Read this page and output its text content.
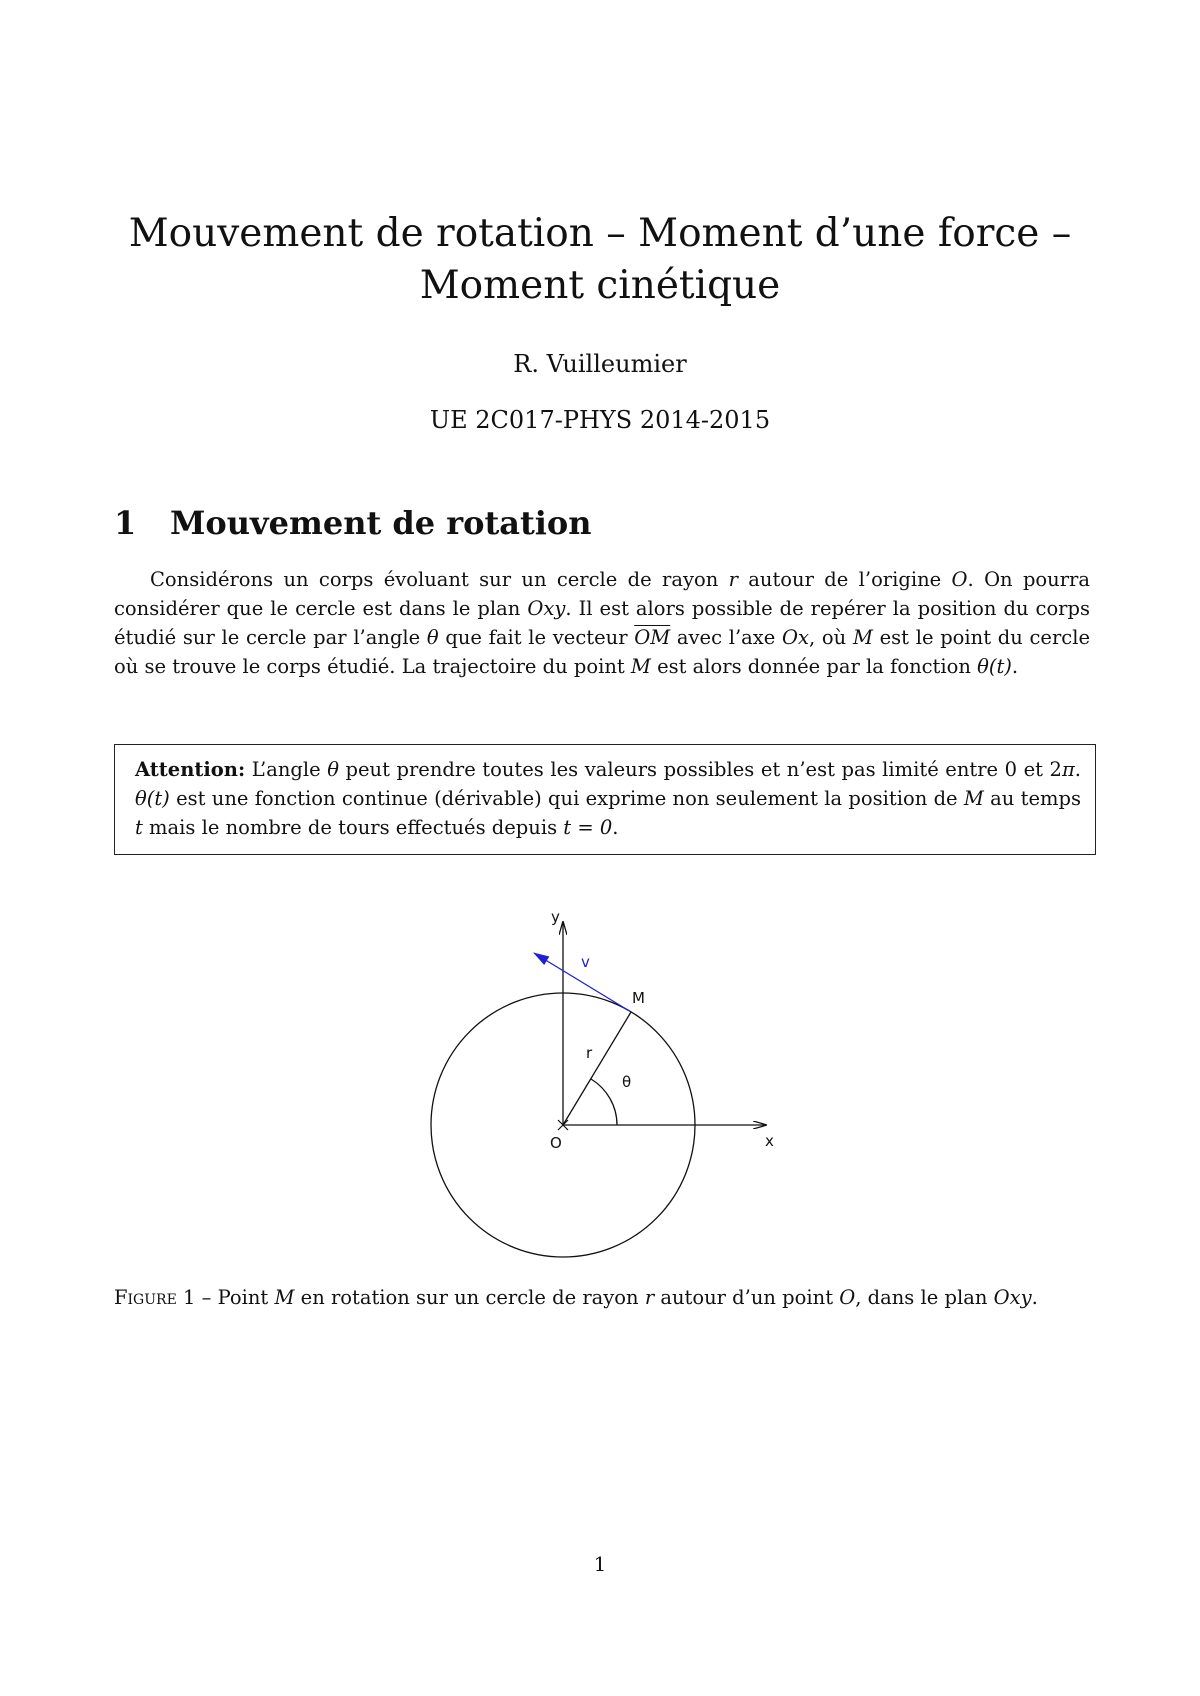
Mouvement de rotation – Moment d’une force – Moment cinétique
R. Vuilleumier
UE 2C017-PHYS 2014-2015
1 Mouvement de rotation
Considérons un corps évoluant sur un cercle de rayon r autour de l’origine O. On pourra considérer que le cercle est dans le plan Oxy. Il est alors possible de repérer la position du corps étudié sur le cercle par l’angle θ que fait le vecteur $\overline{OM}$ avec l’axe Ox, où M est le point du cercle où se trouve le corps étudié. La trajectoire du point M est alors donnée par la fonction θ(t).
Attention: L’angle θ peut prendre toutes les valeurs possibles et n’est pas limité entre 0 et 2π. θ(t) est une fonction continue (dérivable) qui exprime non seulement la position de M au temps t mais le nombre de tours effectués depuis t = 0.
y
x
O
M
r
θ
v
Figure 1 – Point M en rotation sur un cercle de rayon r autour d’un point O, dans le plan Oxy.
1
